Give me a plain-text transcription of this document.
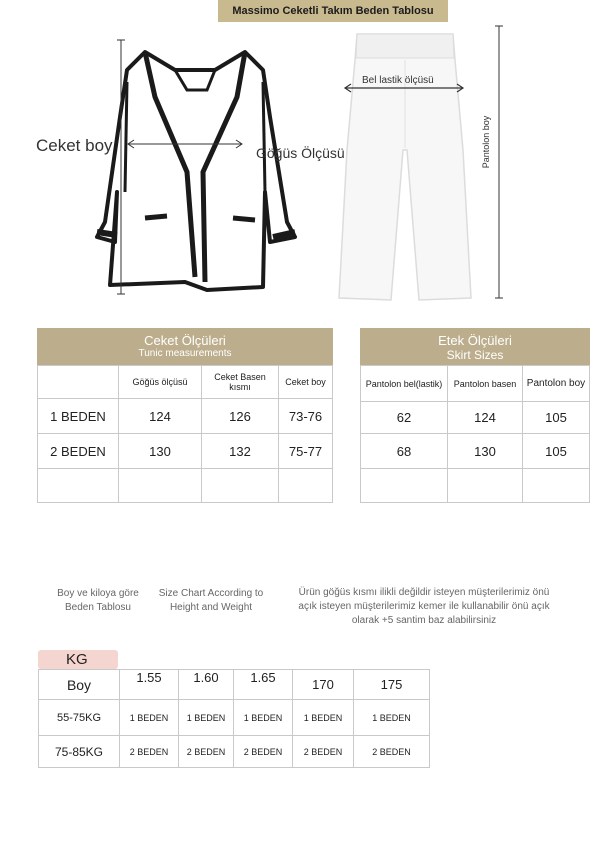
Massimo Ceketli Takım Beden Tablosu
Ceket boy	Göğüs Ölçüsü
Bel lastik ölçüsü
Pantolon boy
Ceket Ölçüleri
Tunic measurements
	Göğüs ölçüsü	Ceket Basen kısmı	Ceket boy
1 BEDEN	124	126	73-76
2 BEDEN	130	132	75-77

Etek Ölçüleri
Skirt Sizes
Pantolon bel(lastik)	Pantolon basen	Pantolon boy
62	124	105
68	130	105

Boy ve kiloya göre Beden Tablosu
Size Chart According to Height and Weight
Ürün göğüs kısmı ilikli değildir isteyen müşterilerimiz önü açık isteyen müşterilerimiz kemer ile kullanabilir önü açık olarak +5 santim baz alabilirsiniz
KG
Boy	1.55	1.60	1.65	170	175
55-75KG	1 BEDEN	1 BEDEN	1 BEDEN	1 BEDEN	1 BEDEN
75-85KG	2 BEDEN	2 BEDEN	2 BEDEN	2 BEDEN	2 BEDEN
